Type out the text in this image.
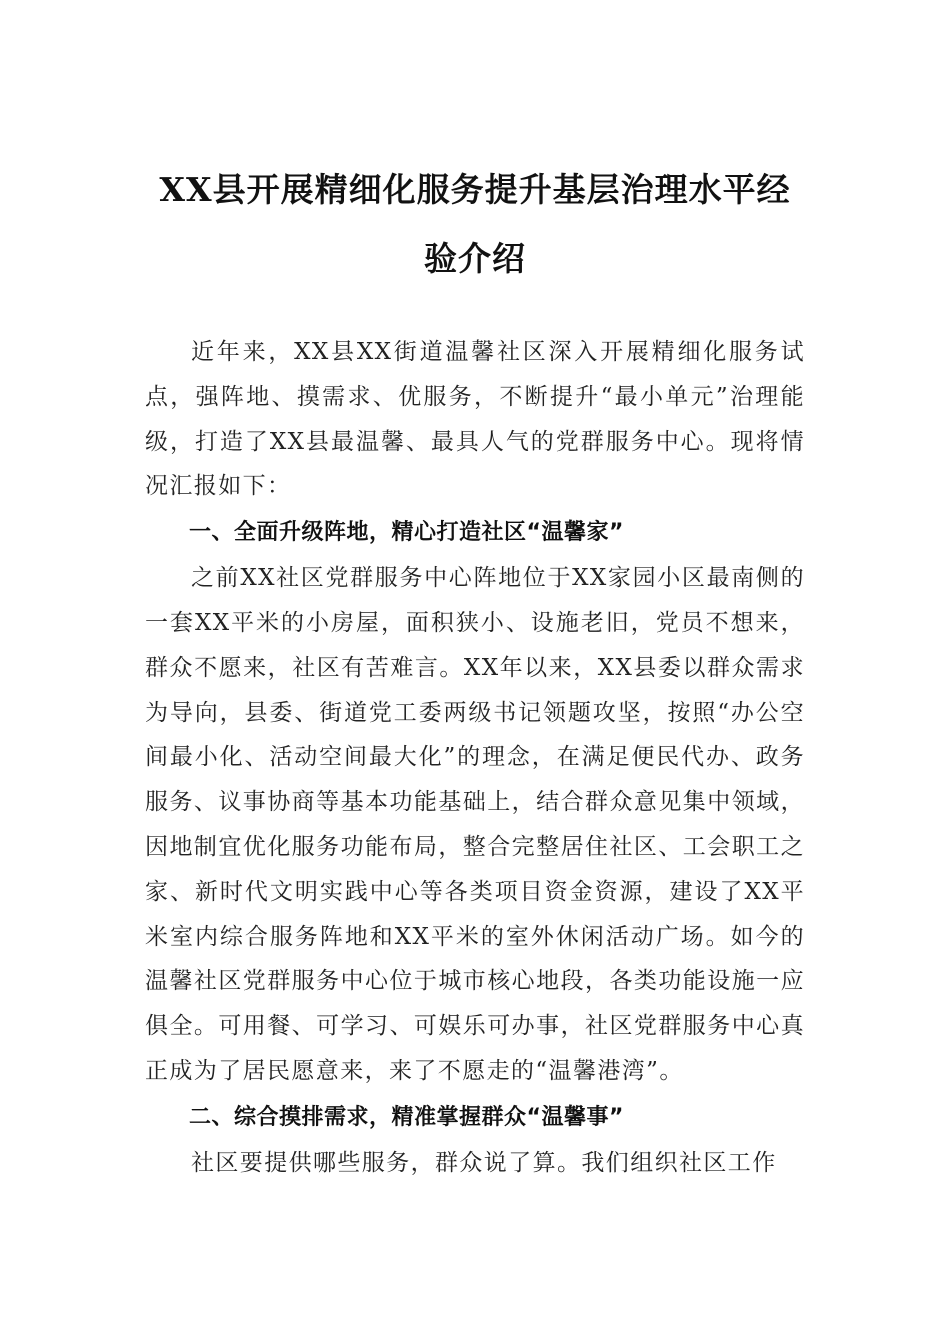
XX县开展精细化服务提升基层治理水平经
验介绍

近年来，XX县XX街道温馨社区深入开展精细化服务试点，强阵地、摸需求、优服务，不断提升“最小单元”治理能级，打造了XX县最温馨、最具人气的党群服务中心。现将情况汇报如下：

一、全面升级阵地，精心打造社区“温馨家”

之前XX社区党群服务中心阵地位于XX家园小区最南侧的一套XX平米的小房屋，面积狭小、设施老旧，党员不想来，群众不愿来，社区有苦难言。XX年以来，XX县委以群众需求为导向，县委、街道党工委两级书记领题攻坚，按照“办公空间最小化、活动空间最大化”的理念，在满足便民代办、政务服务、议事协商等基本功能基础上，结合群众意见集中领域，因地制宜优化服务功能布局，整合完整居住社区、工会职工之家、新时代文明实践中心等各类项目资金资源，建设了XX平米室内综合服务阵地和XX平米的室外休闲活动广场。如今的温馨社区党群服务中心位于城市核心地段，各类功能设施一应俱全。可用餐、可学习、可娱乐可办事，社区党群服务中心真正成为了居民愿意来，来了不愿走的“温馨港湾”。

二、综合摸排需求，精准掌握群众“温馨事”

社区要提供哪些服务，群众说了算。我们组织社区工作
